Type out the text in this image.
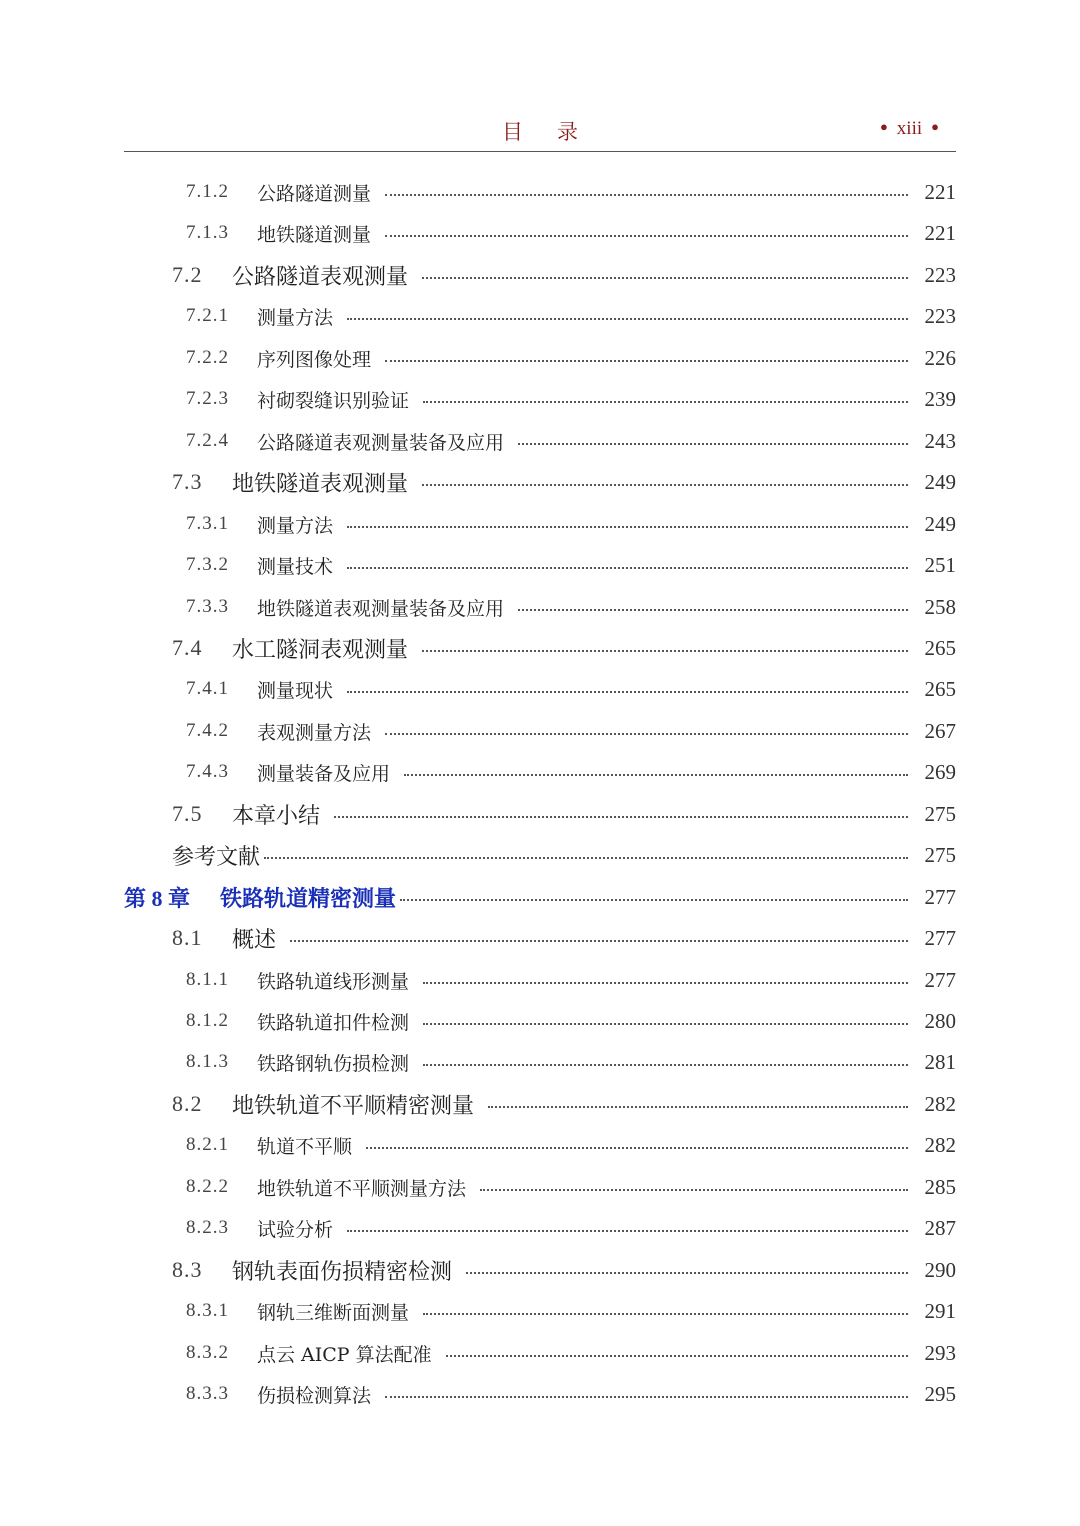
目录	● xiii ●
7.1.2	公路隧道测量	221
7.1.3	地铁隧道测量	221
7.2	公路隧道表观测量	223
7.2.1	测量方法	223
7.2.2	序列图像处理	226
7.2.3	衬砌裂缝识别验证	239
7.2.4	公路隧道表观测量装备及应用	243
7.3	地铁隧道表观测量	249
7.3.1	测量方法	249
7.3.2	测量技术	251
7.3.3	地铁隧道表观测量装备及应用	258
7.4	水工隧洞表观测量	265
7.4.1	测量现状	265
7.4.2	表观测量方法	267
7.4.3	测量装备及应用	269
7.5	本章小结	275
参考文献	275
第 8 章	铁路轨道精密测量	277
8.1	概述	277
8.1.1	铁路轨道线形测量	277
8.1.2	铁路轨道扣件检测	280
8.1.3	铁路钢轨伤损检测	281
8.2	地铁轨道不平顺精密测量	282
8.2.1	轨道不平顺	282
8.2.2	地铁轨道不平顺测量方法	285
8.2.3	试验分析	287
8.3	钢轨表面伤损精密检测	290
8.3.1	钢轨三维断面测量	291
8.3.2	点云 AICP 算法配准	293
8.3.3	伤损检测算法	295
